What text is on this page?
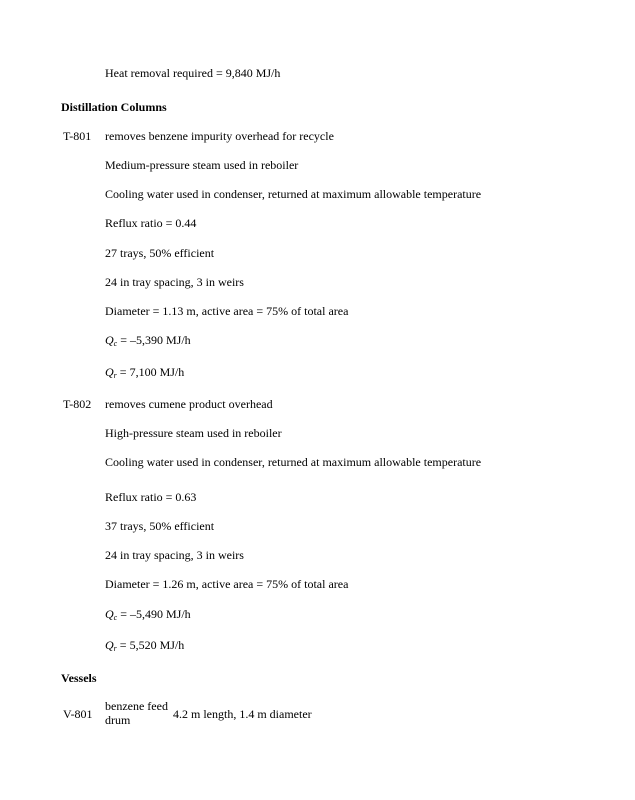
Heat removal required = 9,840 MJ/h
Distillation Columns
T-801 removes benzene impurity overhead for recycle
Medium-pressure steam used in reboiler
Cooling water used in condenser, returned at maximum allowable temperature
Reflux ratio = 0.44
27 trays, 50% efficient
24 in tray spacing, 3 in weirs
Diameter = 1.13 m, active area = 75% of total area
$Q_c = -5,390$ MJ/h
$Q_r = 7,100$ MJ/h
T-802 removes cumene product overhead
High-pressure steam used in reboiler
Cooling water used in condenser, returned at maximum allowable temperature
Reflux ratio = 0.63
37 trays, 50% efficient
24 in tray spacing, 3 in weirs
Diameter = 1.26 m, active area = 75% of total area
$Q_c = -5,490$ MJ/h
$Q_r = 5,520$ MJ/h
Vessels
V-801
benzene feed
drum	4.2 m length, 1.4 m diameter
